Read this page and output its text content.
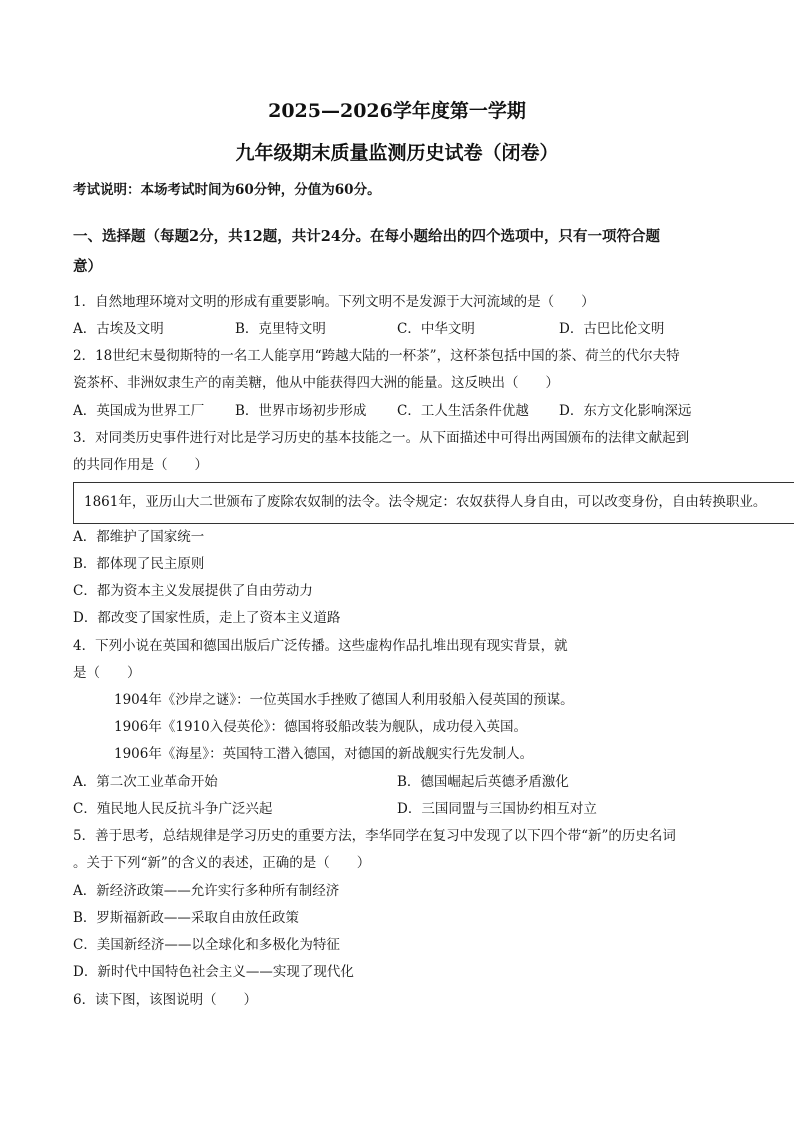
2025—2026学年度第一学期
九年级期末质量监测历史试卷（闭卷）
考试说明：本场考试时间为60分钟，分值为60分。
一、选择题（每题2分，共12题，共计24分。在每小题给出的四个选项中，只有一项符合题
意）
1．自然地理环境对文明的形成有重要影响。下列文明不是发源于大河流域的是（　　）
A．古埃及文明	B．克里特文明	C．中华文明	D．古巴比伦文明
2．18世纪末曼彻斯特的一名工人能享用“跨越大陆的一杯茶”，这杯茶包括中国的茶、荷兰的代尔夫特
瓷茶杯、非洲奴隶生产的南美糖，他从中能获得四大洲的能量。这反映出（　　）
A．英国成为世界工厂 B．世界市场初步形成 C．工人生活条件优越 D．东方文化影响深远
3．对同类历史事件进行对比是学习历史的基本技能之一。从下面描述中可得出两国颁布的法律文献起到
的共同作用是（　　）
1861年，亚历山大二世颁布了废除农奴制的法令。法令规定：农奴获得人身自由，可以改变身份，自由转换职业。
A．都维护了国家统一
B．都体现了民主原则
C．都为资本主义发展提供了自由劳动力
D．都改变了国家性质，走上了资本主义道路
4．下列小说在英国和德国出版后广泛传播。这些虚构作品扎堆出现有现实背景，就
是（　　）
1904年《沙岸之谜》：一位英国水手挫败了德国人利用驳船入侵英国的预谋。
1906年《1910入侵英伦》：德国将驳船改装为舰队，成功侵入英国。
1906年《海星》：英国特工潜入德国，对德国的新战舰实行先发制人。
A．第二次工业革命开始	B．德国崛起后英德矛盾激化
C．殖民地人民反抗斗争广泛兴起	D．三国同盟与三国协约相互对立
5．善于思考，总结规律是学习历史的重要方法，李华同学在复习中发现了以下四个带“新”的历史名词
。关于下列“新”的含义的表述，正确的是（　　）
A．新经济政策——允许实行多种所有制经济
B．罗斯福新政——采取自由放任政策
C．美国新经济——以全球化和多极化为特征
D．新时代中国特色社会主义——实现了现代化
6．读下图，该图说明（　　）
